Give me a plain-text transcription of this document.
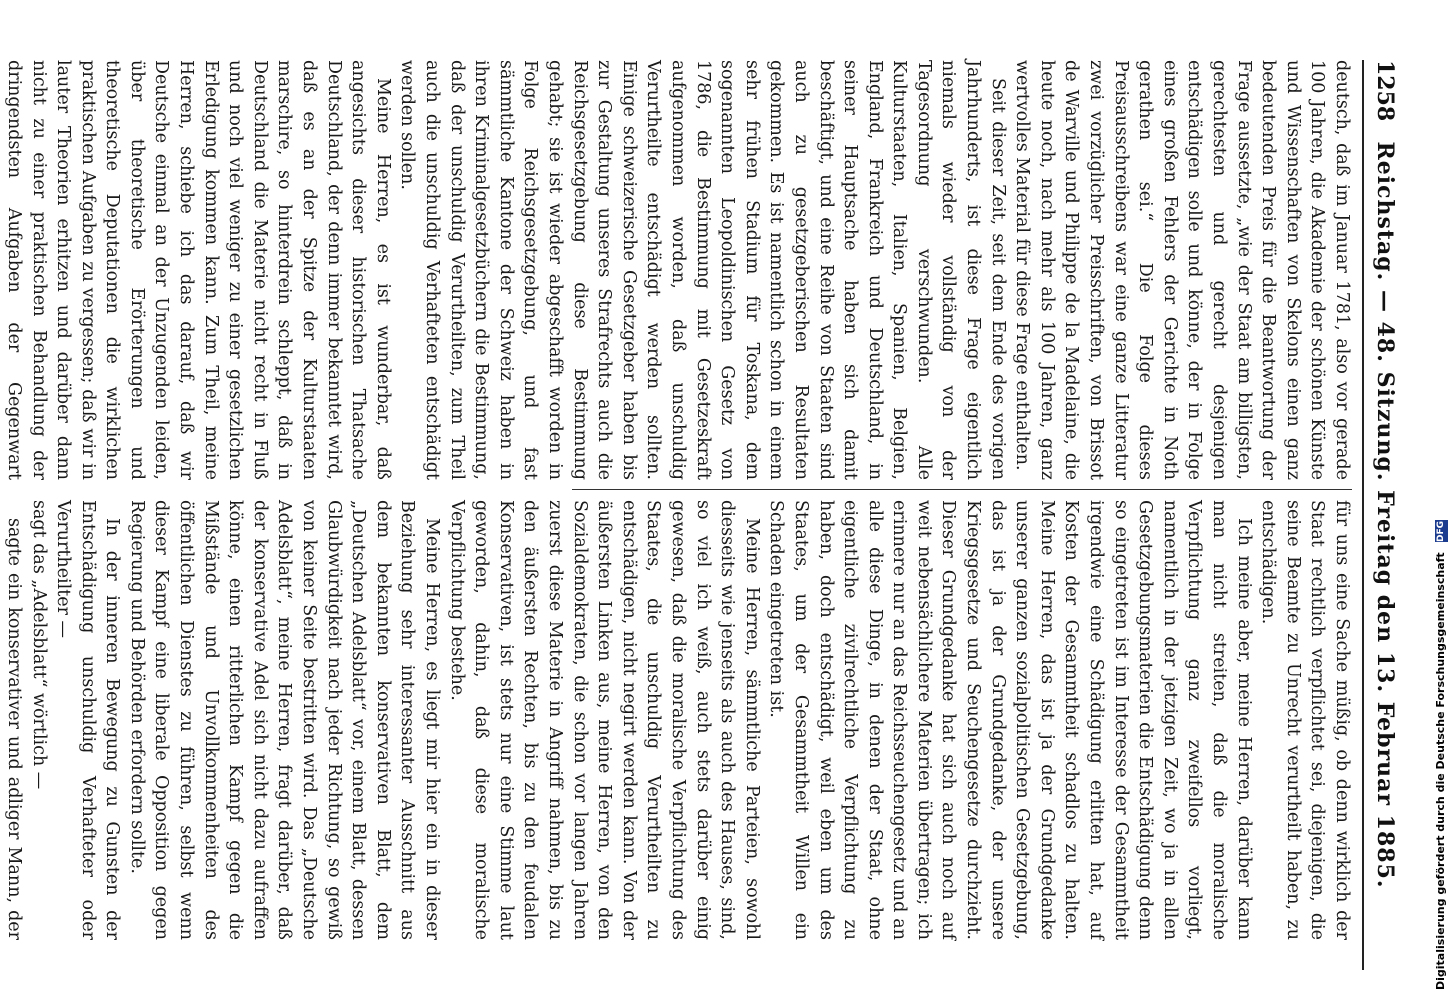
1258
Reichstag. — 48. Sitzung. Freitag den 13. Februar 1885.

deutsch, daß im Januar 1781, also vor gerade 100 Jahren, die Akademie der schönen Künste und Wissenschaften von Skelons einen ganz bedeutenden Preis für die Beantwortung der Frage aussetzte, „wie der Staat am billigsten, gerechtesten und gerecht desjenigen entschädigen solle und könne, der in Folge eines großen Fehlers der Gerichte in Noth gerathen sei.“ Die Folge dieses Preisausschreibens war eine ganze Litteratur zwei vorzüglicher Preisschriften, von Brissot de Warville und Philippe de la Madelaine, die heute noch, nach mehr als 100 Jahren, ganz wertvolles Material für diese Frage enthalten.

Seit dieser Zeit, seit dem Ende des vorigen Jahrhunderts, ist diese Frage eigentlich niemals wieder vollständig von der Tagesordnung verschwunden. Alle Kulturstaaten, Italien, Spanien, Belgien, England, Frankreich und Deutschland, in seiner Hauptsache haben sich damit beschäftigt, und eine Reihe von Staaten sind auch zu gesetzgeberischen Resultaten gekommen. Es ist namentlich schon in einem sehr frühen Stadium für Toskana, dem sogenannten Leopoldinischen Gesetz von 1786, die Bestimmung mit Gesetzeskraft aufgenommen worden, daß unschuldig Verurtheilte entschädigt werden sollten. Einige schweizerische Gesetzgeber haben bis zur Gestaltung unseres Strafrechts auch die Reichsgesetzgebung diese Bestimmung gehabt; sie ist wieder abgeschafft worden in Folge Reichsgesetzgebung, und fast sämmtliche Kantone der Schweiz haben in ihren Kriminalgesetzbüchern die Bestimmung, daß der unschuldig Verurtheilten, zum Theil auch die unschuldig Verhafteten entschädigt werden sollen.

Meine Herren, es ist wunderbar, daß angesichts dieser historischen Thatsache Deutschland, der denn immer bekanntet wird, daß es an der Spitze der Kulturstaaten marschire, so hinterdrein schleppt, daß in Deutschland die Materie nicht recht in Fluß und noch viel weniger zu einer gesetzlichen Erledigung kommen kann. Zum Theil, meine Herren, schiebe ich das darauf, daß wir Deutsche einmal an der Unzugenden leiden, über theoretische Erörterungen und theoretische Deputationen die wirklichen praktischen Aufgaben zu vergessen; daß wir in lauter Theorien erhitzen und darüber dann nicht zu einer praktischen Behandlung der dringendsten Aufgaben der Gegenwart

für uns eine Sache müßig, ob denn wirklich der Staat rechtlich verpflichtet sei, diejenigen, die seine Beamte zu Unrecht verurtheilt haben, zu entschädigen.

Ich meine aber, meine Herren, darüber kann man nicht streiten, daß die moralische Verpflichtung ganz zweifellos vorliegt, namentlich in der jetzigen Zeit, wo ja in allen Gesetzgebungsmaterien die Entschädigung denn so eingetreten ist im Interesse der Gesammtheit irgendwie eine Schädigung erlitten hat, auf Kosten der Gesammtheit schadlos zu halten. Meine Herren, das ist ja der Grundgedanke unserer ganzen sozialpolitischen Gesetzgebung, das ist ja der Grundgedanke, der unsere Kriegsgesetze und Seuchengesetze durchzieht. Dieser Grundgedanke hat sich auch noch auf weit nebensächlichere Materien übertragen; ich erinnere nur an das Reichsseuchengesetz und an alle diese Dinge, in denen der Staat, ohne eigentliche zivilrechtliche Verpflichtung zu haben, doch entschädigt, weil eben um des Staates, um der Gesammtheit Willen ein Schaden eingetreten ist.

Meine Herren, sämmtliche Parteien, sowohl diesseits wie jenseits als auch des Hauses, sind, so viel ich weiß, auch stets darüber einig gewesen, daß die moralische Verpflichtung des Staates, die unschuldig Verurtheilten zu entschädigen, nicht negirt werden kann. Von der äußersten Linken aus, meine Herren, von den Sozialdemokraten, die schon vor langen Jahren zuerst diese Materie in Angriff nahmen, bis zu den äußersten Rechten, bis zu den feudalen Konservativen, ist stets nur eine Stimme laut geworden, dahin, daß diese moralische Verpflichtung bestehe.

Meine Herren, es liegt mir hier ein in dieser Beziehung sehr interessanter Ausschnitt aus dem bekannten konservativen Blatt, dem „Deutschen Adelsblatt“ vor, einem Blatt, dessen Glaubwürdigkeit nach jeder Richtung, so gewiß von keiner Seite bestritten wird. Das „Deutsche Adelsblatt“, meine Herren, fragt darüber, daß der konservative Adel sich nicht dazu aufraffen könne, einen ritterlichen Kampf gegen die Mißstände und Unvollkommenheiten des öffentlichen Dienstes zu führen, selbst wenn dieser Kampf eine liberale Opposition gegen Regierung und Behörden erfordern sollte.

In der inneren Bewegung zu Gunsten der Entschädigung unschuldig Verhafteter oder Verurtheilter —

sagt das „Adelsblatt“ wörtlich —

sagte ein konservativer und adliger Mann, der	Digitalisierung gefördert durch die Deutsche Forschungsgemeinschaft DFG
